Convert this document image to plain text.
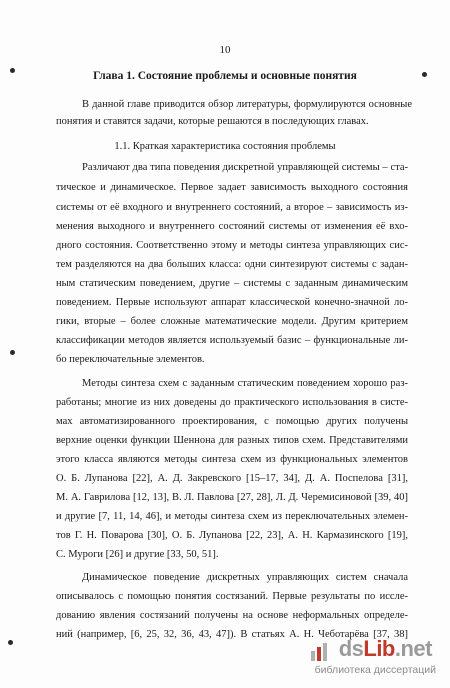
10
Глава 1. Состояние проблемы и основные понятия
В данной главе приводится обзор литературы, формулируются основные понятия и ставятся задачи, которые решаются в последующих главах.
1.1. Краткая характеристика состояния проблемы
Различают два типа поведения дискретной управляющей системы – ста-
тическое и динамическое. Первое задает зависимость выходного состояния
системы от её входного и внутреннего состояний, а второе – зависимость из-
менения выходного и внутреннего состояний системы от изменения её вхо-
дного состояния. Соответственно этому и методы синтеза управляющих сис-
тем разделяются на два больших класса: одни синтезируют системы с задан-
ным статическим поведением, другие – системы с заданным динамическим
поведением. Первые используют аппарат классической конечно-значной ло-
гики, вторые – более сложные математические модели. Другим критерием
классификации методов является используемый базис – функциональные ли-
бо переключательные элементов.
Методы синтеза схем с заданным статическим поведением хорошо раз-
работаны; многие из них доведены до практического использования в систе-
мах автоматизированного проектирования, с помощью других получены
верхние оценки функции Шеннона для разных типов схем. Представителями
этого класса являются методы синтеза схем из функциональных элементов
О. Б. Лупанова [22], А. Д. Закревского [15–17, 34], Д. А. Поспелова [31],
М. А. Гаврилова [12, 13], В. Л. Павлова [27, 28], Л. Д. Черемисиновой [39, 40]
и другие [7, 11, 14, 46], и методы синтеза схем из переключательных элемен-
тов Г. Н. Поварова [30], О. Б. Лупанова [22, 23], А. Н. Кармазинского [19],
С. Муроги [26] и другие [33, 50, 51].
Динамическое поведение дискретных управляющих систем сначала
описывалось с помощью понятия состязаний. Первые результаты по иссле-
дованию явления состязаний получены на основе неформальных определе-
ний (например, [6, 25, 32, 36, 43, 47]). В статьях А. Н. Чеботарёва [37, 38]
dsLib.net
библиотека диссертаций
